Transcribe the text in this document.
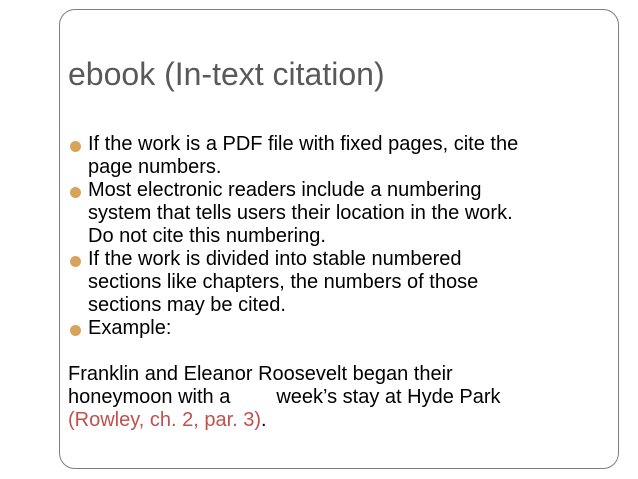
ebook (In-text citation)
If the work is a PDF file with fixed pages, cite the
page numbers.
Most electronic readers include a numbering
system that tells users their location in the work.
Do not cite this numbering.
If the work is divided into stable numbered
sections like chapters, the numbers of those
sections may be cited.
Example:

Franklin and Eleanor Roosevelt began their
honeymoon with a week’s stay at Hyde Park
(Rowley, ch. 2, par. 3).
